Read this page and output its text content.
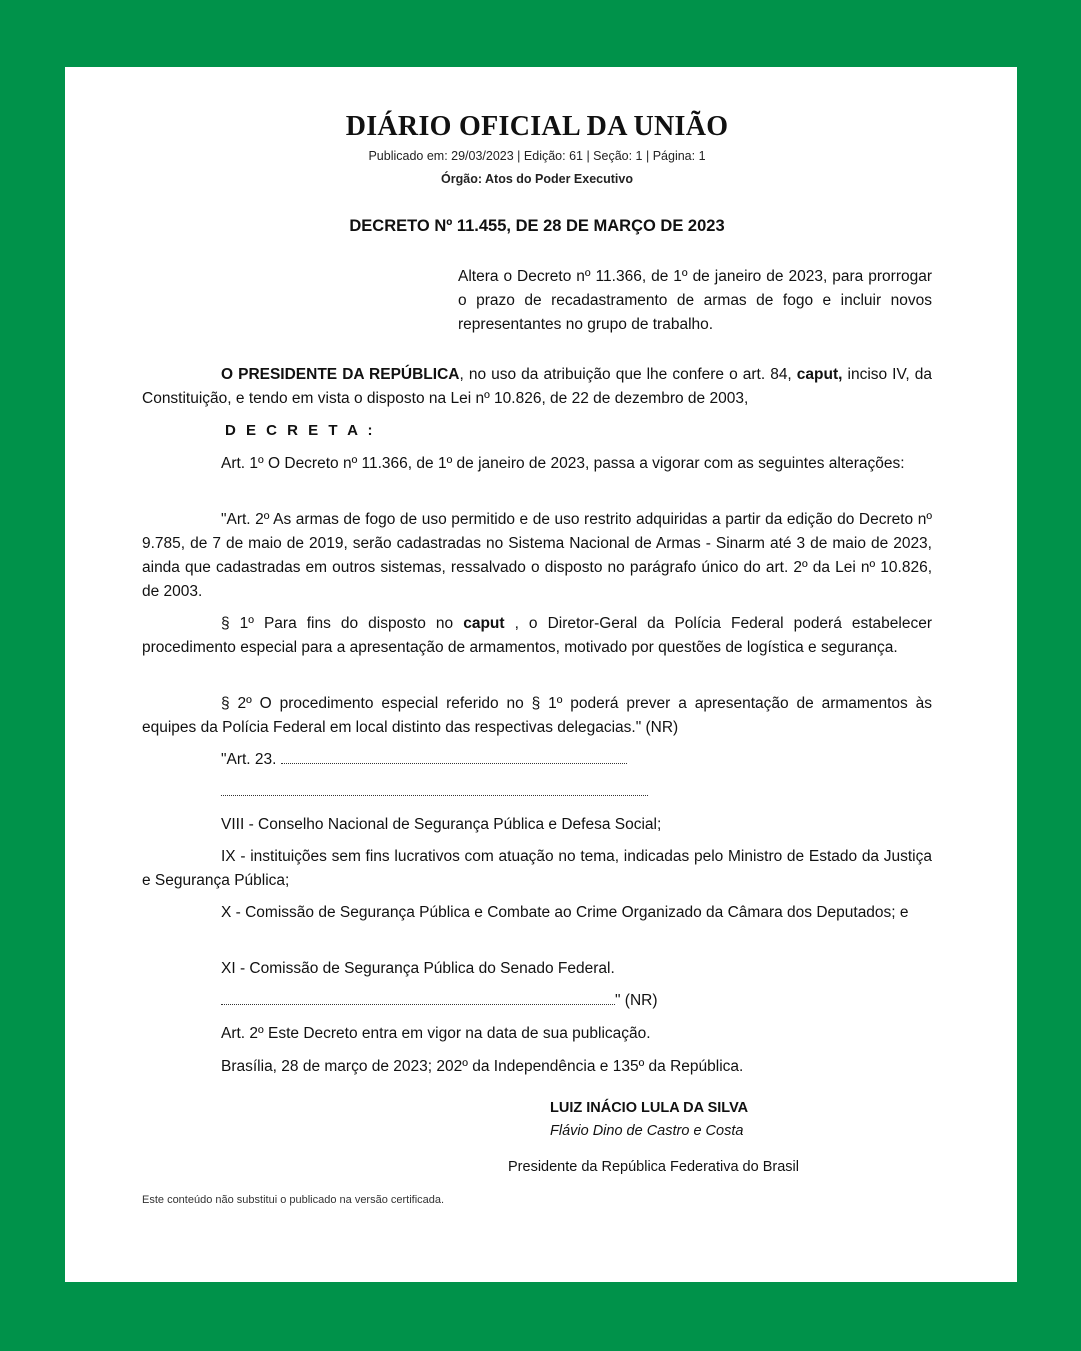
DIÁRIO OFICIAL DA UNIÃO
Publicado em: 29/03/2023 | Edição: 61 | Seção: 1 | Página: 1
Órgão: Atos do Poder Executivo
DECRETO Nº 11.455, DE 28 DE MARÇO DE 2023
Altera o Decreto nº 11.366, de 1º de janeiro de 2023, para prorrogar o prazo de recadastramento de armas de fogo e incluir novos representantes no grupo de trabalho.
O PRESIDENTE DA REPÚBLICA, no uso da atribuição que lhe confere o art. 84, caput, inciso IV, da Constituição, e tendo em vista o disposto na Lei nº 10.826, de 22 de dezembro de 2003,
D E C R E T A :
Art. 1º O Decreto nº 11.366, de 1º de janeiro de 2023, passa a vigorar com as seguintes alterações:
"Art. 2º As armas de fogo de uso permitido e de uso restrito adquiridas a partir da edição do Decreto nº 9.785, de 7 de maio de 2019, serão cadastradas no Sistema Nacional de Armas - Sinarm até 3 de maio de 2023, ainda que cadastradas em outros sistemas, ressalvado o disposto no parágrafo único do art. 2º da Lei nº 10.826, de 2003.
§ 1º Para fins do disposto no caput , o Diretor-Geral da Polícia Federal poderá estabelecer procedimento especial para a apresentação de armamentos, motivado por questões de logística e segurança.
§ 2º O procedimento especial referido no § 1º poderá prever a apresentação de armamentos às equipes da Polícia Federal em local distinto das respectivas delegacias." (NR)
"Art. 23.
VIII - Conselho Nacional de Segurança Pública e Defesa Social;
IX - instituições sem fins lucrativos com atuação no tema, indicadas pelo Ministro de Estado da Justiça e Segurança Pública;
X - Comissão de Segurança Pública e Combate ao Crime Organizado da Câmara dos Deputados; e
XI - Comissão de Segurança Pública do Senado Federal.
" (NR)
Art. 2º Este Decreto entra em vigor na data de sua publicação.
Brasília, 28 de março de 2023; 202º da Independência e 135º da República.
LUIZ INÁCIO LULA DA SILVA
Flávio Dino de Castro e Costa
Presidente da República Federativa do Brasil
Este conteúdo não substitui o publicado na versão certificada.
